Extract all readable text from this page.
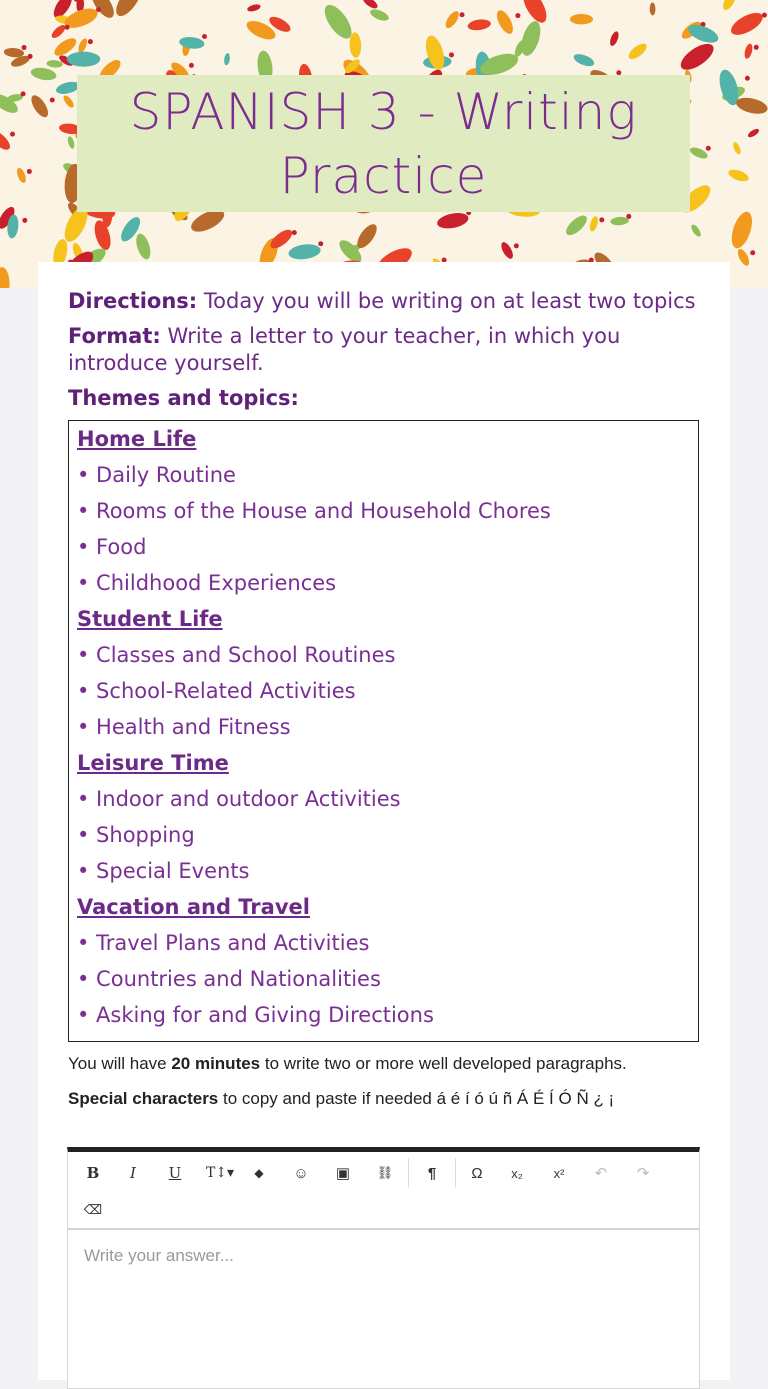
SPANISH 3 - Writing Practice
Directions: Today you will be writing on at least two topics
Format: Write a letter to your teacher, in which you introduce yourself.
Themes and topics:
Home Life
• Daily Routine
• Rooms of the House and Household Chores
• Food
• Childhood Experiences
Student Life
• Classes and School Routines
• School-Related Activities
• Health and Fitness
Leisure Time
• Indoor and outdoor Activities
• Shopping
• Special Events
Vacation and Travel
• Travel Plans and Activities
• Countries and Nationalities
• Asking for and Giving Directions
You will have 20 minutes to write two or more well developed paragraphs.
Special characters to copy and paste if needed á é í ó ú ñ Á É Í Ó Ñ ¿ ¡
B	I	U	T↕▾	◆	☺	▣	⛓	¶	Ω	x₂	x²	↶	↷
⌫
Write your answer...
